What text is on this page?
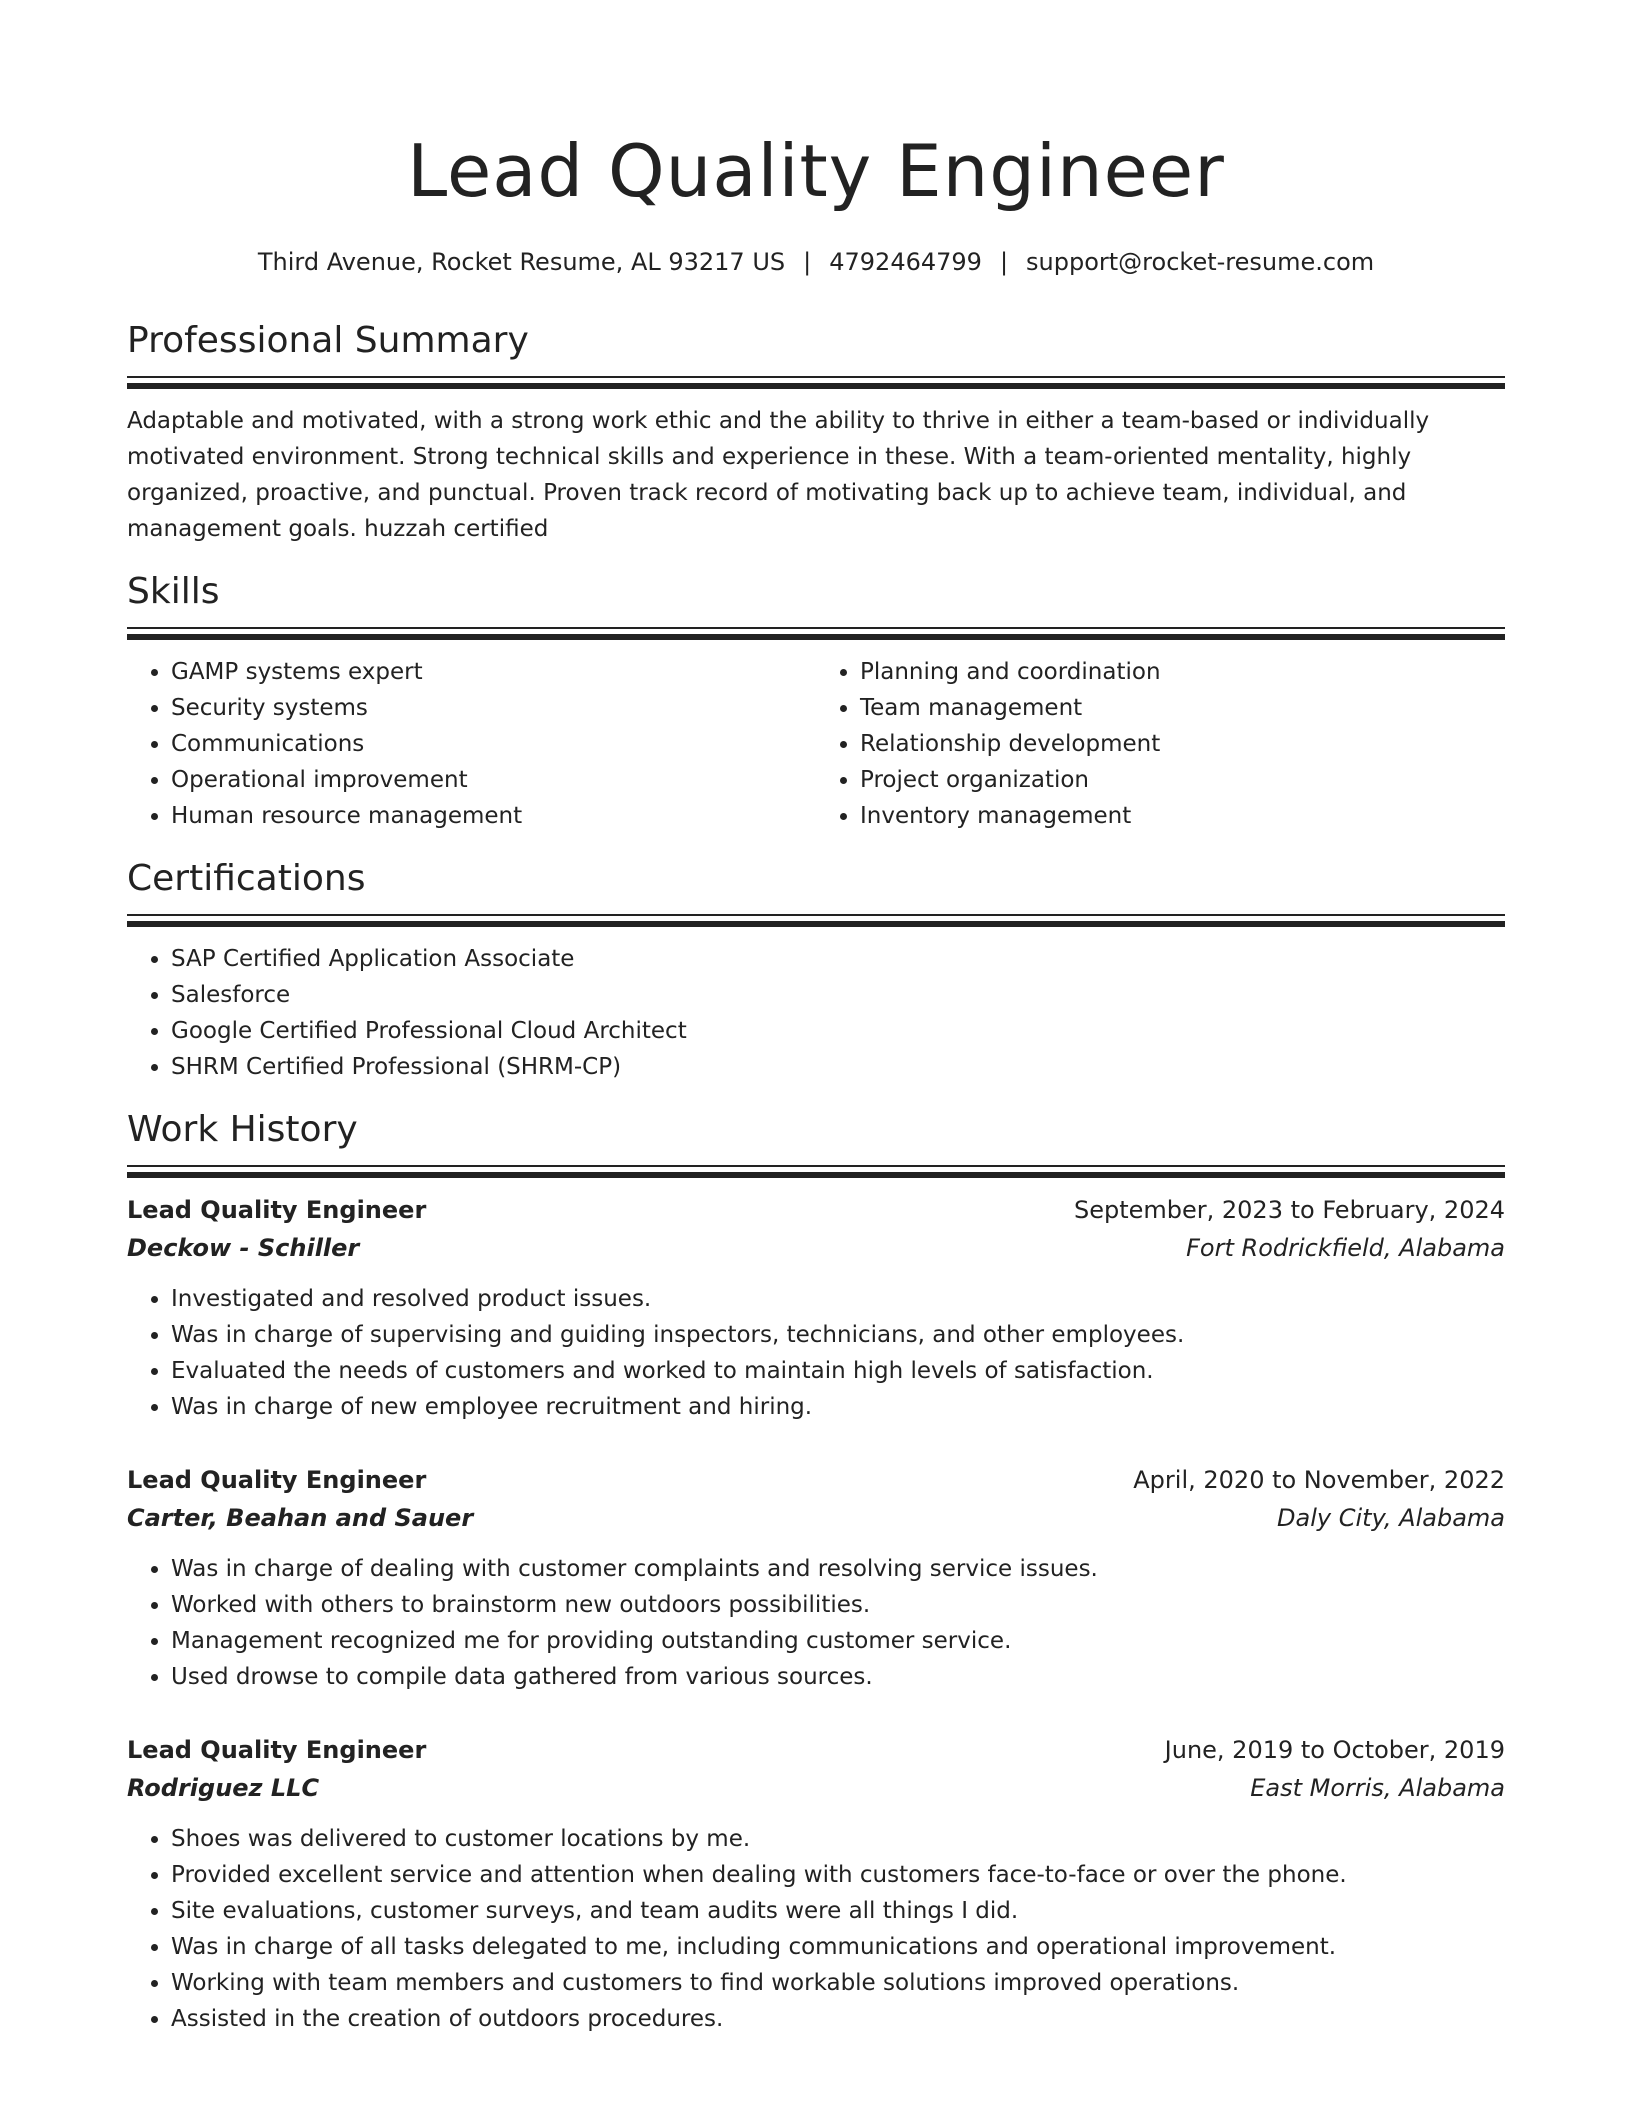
Lead Quality Engineer
Third Avenue, Rocket Resume, AL 93217 US | 4792464799 | support@rocket-resume.com
Professional Summary
Adaptable and motivated, with a strong work ethic and the ability to thrive in either a team-based or individually motivated environment. Strong technical skills and experience in these. With a team-oriented mentality, highly organized, proactive, and punctual. Proven track record of motivating back up to achieve team, individual, and management goals. huzzah certified
Skills
• GAMP systems expert
• Security systems
• Communications
• Operational improvement
• Human resource management
• Planning and coordination
• Team management
• Relationship development
• Project organization
• Inventory management
Certifications
• SAP Certified Application Associate
• Salesforce
• Google Certified Professional Cloud Architect
• SHRM Certified Professional (SHRM-CP)
Work History
Lead Quality Engineer	September, 2023 to February, 2024
Deckow - Schiller	Fort Rodrickfield, Alabama
• Investigated and resolved product issues.
• Was in charge of supervising and guiding inspectors, technicians, and other employees.
• Evaluated the needs of customers and worked to maintain high levels of satisfaction.
• Was in charge of new employee recruitment and hiring.
Lead Quality Engineer	April, 2020 to November, 2022
Carter, Beahan and Sauer	Daly City, Alabama
• Was in charge of dealing with customer complaints and resolving service issues.
• Worked with others to brainstorm new outdoors possibilities.
• Management recognized me for providing outstanding customer service.
• Used drowse to compile data gathered from various sources.
Lead Quality Engineer	June, 2019 to October, 2019
Rodriguez LLC	East Morris, Alabama
• Shoes was delivered to customer locations by me.
• Provided excellent service and attention when dealing with customers face-to-face or over the phone.
• Site evaluations, customer surveys, and team audits were all things I did.
• Was in charge of all tasks delegated to me, including communications and operational improvement.
• Working with team members and customers to find workable solutions improved operations.
• Assisted in the creation of outdoors procedures.
